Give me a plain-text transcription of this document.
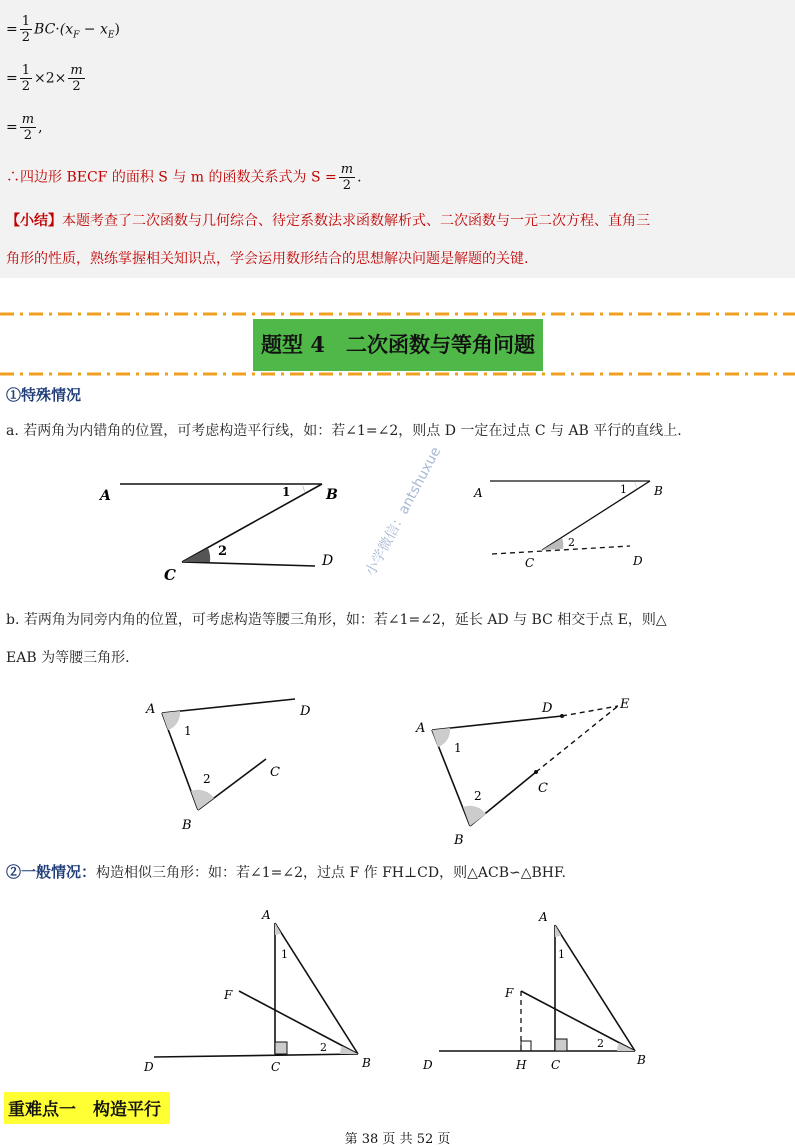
= $\frac{1}{2} BC\cdot(x_F - x_E)$
= $\frac{1}{2} \times 2\times \frac{m}{2}$
= $\frac{m}{2}$ ,
∴四边形 BECF 的面积 S 与 m 的函数关系式为 $S = \frac{m}{2}$ .
【小结】本题考查了二次函数与几何综合、待定系数法求函数解析式、二次函数与一元二次方程、直角三
角形的性质，熟练掌握相关知识点，学会运用数形结合的思想解决问题是解题的关键.
题型 4　二次函数与等角问题
①特殊情况
a. 若两角为内错角的位置，可考虑构造平行线，如：若∠1=∠2，则点 D 一定在过点 C 与 AB 平行的直线上.
A	B
1
2
C
D
A	B
1
2
C	D
小学微信：antshuxue
b. 若两角为同旁内角的位置，可考虑构造等腰三角形，如：若∠1=∠2，延长 AD 与 BC 相交于点 E，则△
EAB 为等腰三角形.
A	D
1
2	C
B
A
D	E
1
2	C
B
②一般情况：构造相似三角形：如：若∠1=∠2，过点 F 作 FH⊥CD，则△ACB∽△BHF.
A
1
F
2
D	C	B
A
1
F
2
D	H C	B
重难点一　构造平行
第 38 页 共 52 页
